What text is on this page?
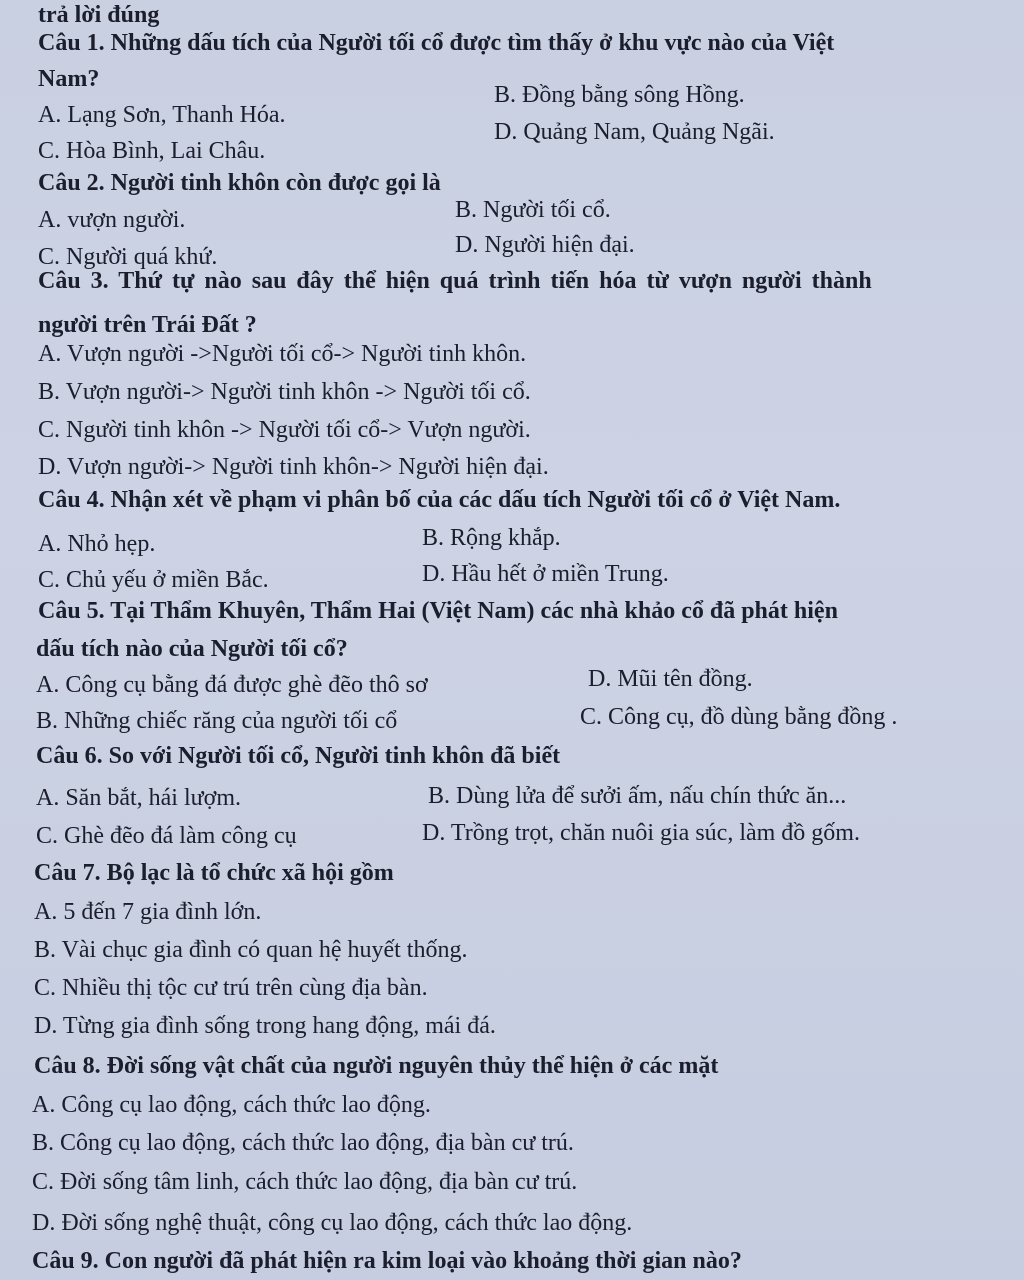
trả lời đúng
Câu 1. Những dấu tích của Người tối cổ được tìm thấy ở khu vực nào của Việt
Nam?
A. Lạng Sơn, Thanh Hóa.
B. Đồng bằng sông Hồng.
C. Hòa Bình, Lai Châu.
D. Quảng Nam, Quảng Ngãi.
Câu 2. Người tinh khôn còn được gọi là
A. vượn người.	B. Người tối cổ.
C. Người quá khứ.	D. Người hiện đại.
Câu 3. Thứ tự nào sau đây thể hiện quá trình tiến hóa từ vượn người thành
người trên Trái Đất ?
A. Vượn người ->Người tối cổ-> Người tinh khôn.
B. Vượn người-> Người tinh khôn -> Người tối cổ.
C. Người tinh khôn -> Người tối cổ-> Vượn người.
D. Vượn người-> Người tinh khôn-> Người hiện đại.
Câu 4. Nhận xét về phạm vi phân bố của các dấu tích Người tối cổ ở Việt Nam.
A. Nhỏ hẹp.	B. Rộng khắp.
C. Chủ yếu ở miền Bắc.	D. Hầu hết ở miền Trung.
Câu 5. Tại Thẩm Khuyên, Thẩm Hai (Việt Nam) các nhà khảo cổ đã phát hiện
dấu tích nào của Người tối cổ?
A. Công cụ bằng đá được ghè đẽo thô sơ	D. Mũi tên đồng.
B. Những chiếc răng của người tối cổ	C. Công cụ, đồ dùng bằng đồng .
Câu 6. So với Người tối cổ, Người tinh khôn đã biết
A. Săn bắt, hái lượm.	B. Dùng lửa để sưởi ấm, nấu chín thức ăn...
C. Ghè đẽo đá làm công cụ	D. Trồng trọt, chăn nuôi gia súc, làm đồ gốm.
Câu 7. Bộ lạc là tổ chức xã hội gồm
A. 5 đến 7 gia đình lớn.
B. Vài chục gia đình có quan hệ huyết thống.
C. Nhiều thị tộc cư trú trên cùng địa bàn.
D. Từng gia đình sống trong hang động, mái đá.
Câu 8. Đời sống vật chất của người nguyên thủy thể hiện ở các mặt
A. Công cụ lao động, cách thức lao động.
B. Công cụ lao động, cách thức lao động, địa bàn cư trú.
C. Đời sống tâm linh, cách thức lao động, địa bàn cư trú.
D. Đời sống nghệ thuật, công cụ lao động, cách thức lao động.
Câu 9. Con người đã phát hiện ra kim loại vào khoảng thời gian nào?
